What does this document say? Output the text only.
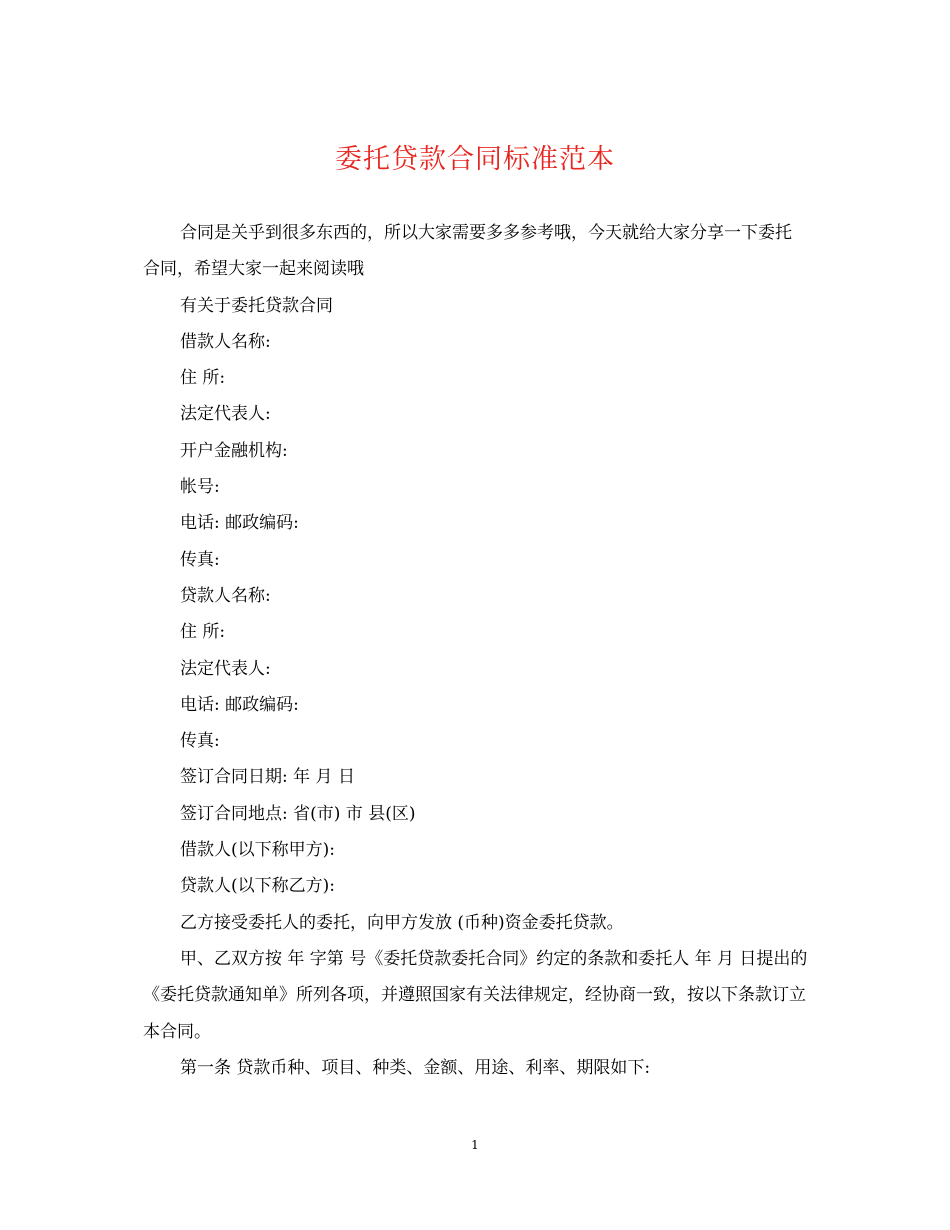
委托贷款合同标准范本

合同是关乎到很多东西的，所以大家需要多多参考哦，今天就给大家分享一下委托合同，希望大家一起来阅读哦

有关于委托贷款合同

借款人名称:

住 所:

法定代表人:

开户金融机构:

帐号:

电话: 邮政编码:

传真:

贷款人名称:

住 所:

法定代表人:

电话: 邮政编码:

传真:

签订合同日期: 年 月 日

签订合同地点: 省(市) 市 县(区)

借款人(以下称甲方):

贷款人(以下称乙方):

乙方接受委托人的委托，向甲方发放 (币种)资金委托贷款。

甲、乙双方按 年 字第 号《委托贷款委托合同》约定的条款和委托人 年 月 日提出的《委托贷款通知单》所列各项，并遵照国家有关法律规定，经协商一致，按以下条款订立本合同。

第一条 贷款币种、项目、种类、金额、用途、利率、期限如下:

1
